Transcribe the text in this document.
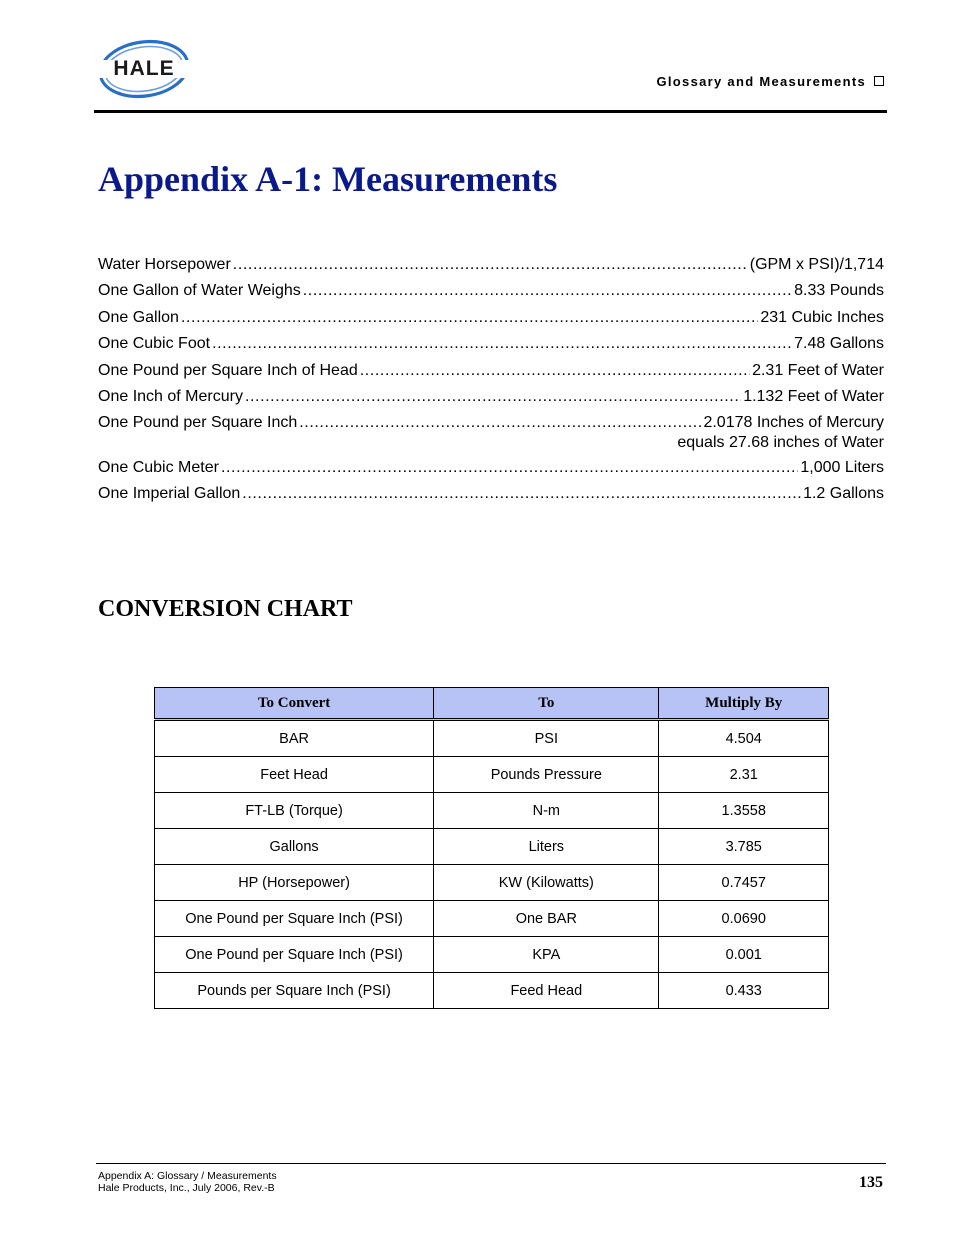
HALE
Glossary and Measurements
Appendix A-1: Measurements
Water Horsepower .....	(GPM x PSI)/1,714
One Gallon of Water Weighs .....	8.33 Pounds
One Gallon .....	231 Cubic Inches
One Cubic Foot .....	7.48 Gallons
One Pound per Square Inch of Head .....	2.31 Feet of Water
One Inch of Mercury .....	1.132 Feet of Water
One Pound per Square Inch .....	2.0178 Inches of Mercury
equals 27.68 inches of Water
One Cubic Meter .....	1,000 Liters
One Imperial Gallon .....	1.2 Gallons
CONVERSION CHART
To Convert	To	Multiply By
BAR	PSI	4.504
Feet Head	Pounds Pressure	2.31
FT-LB (Torque)	N-m	1.3558
Gallons	Liters	3.785
HP (Horsepower)	KW (Kilowatts)	0.7457
One Pound per Square Inch (PSI)	One BAR	0.0690
One Pound per Square Inch (PSI)	KPA	0.001
Pounds per Square Inch (PSI)	Feed Head	0.433
Appendix A: Glossary / Measurements
Hale Products, Inc., July 2006, Rev.-B	135
